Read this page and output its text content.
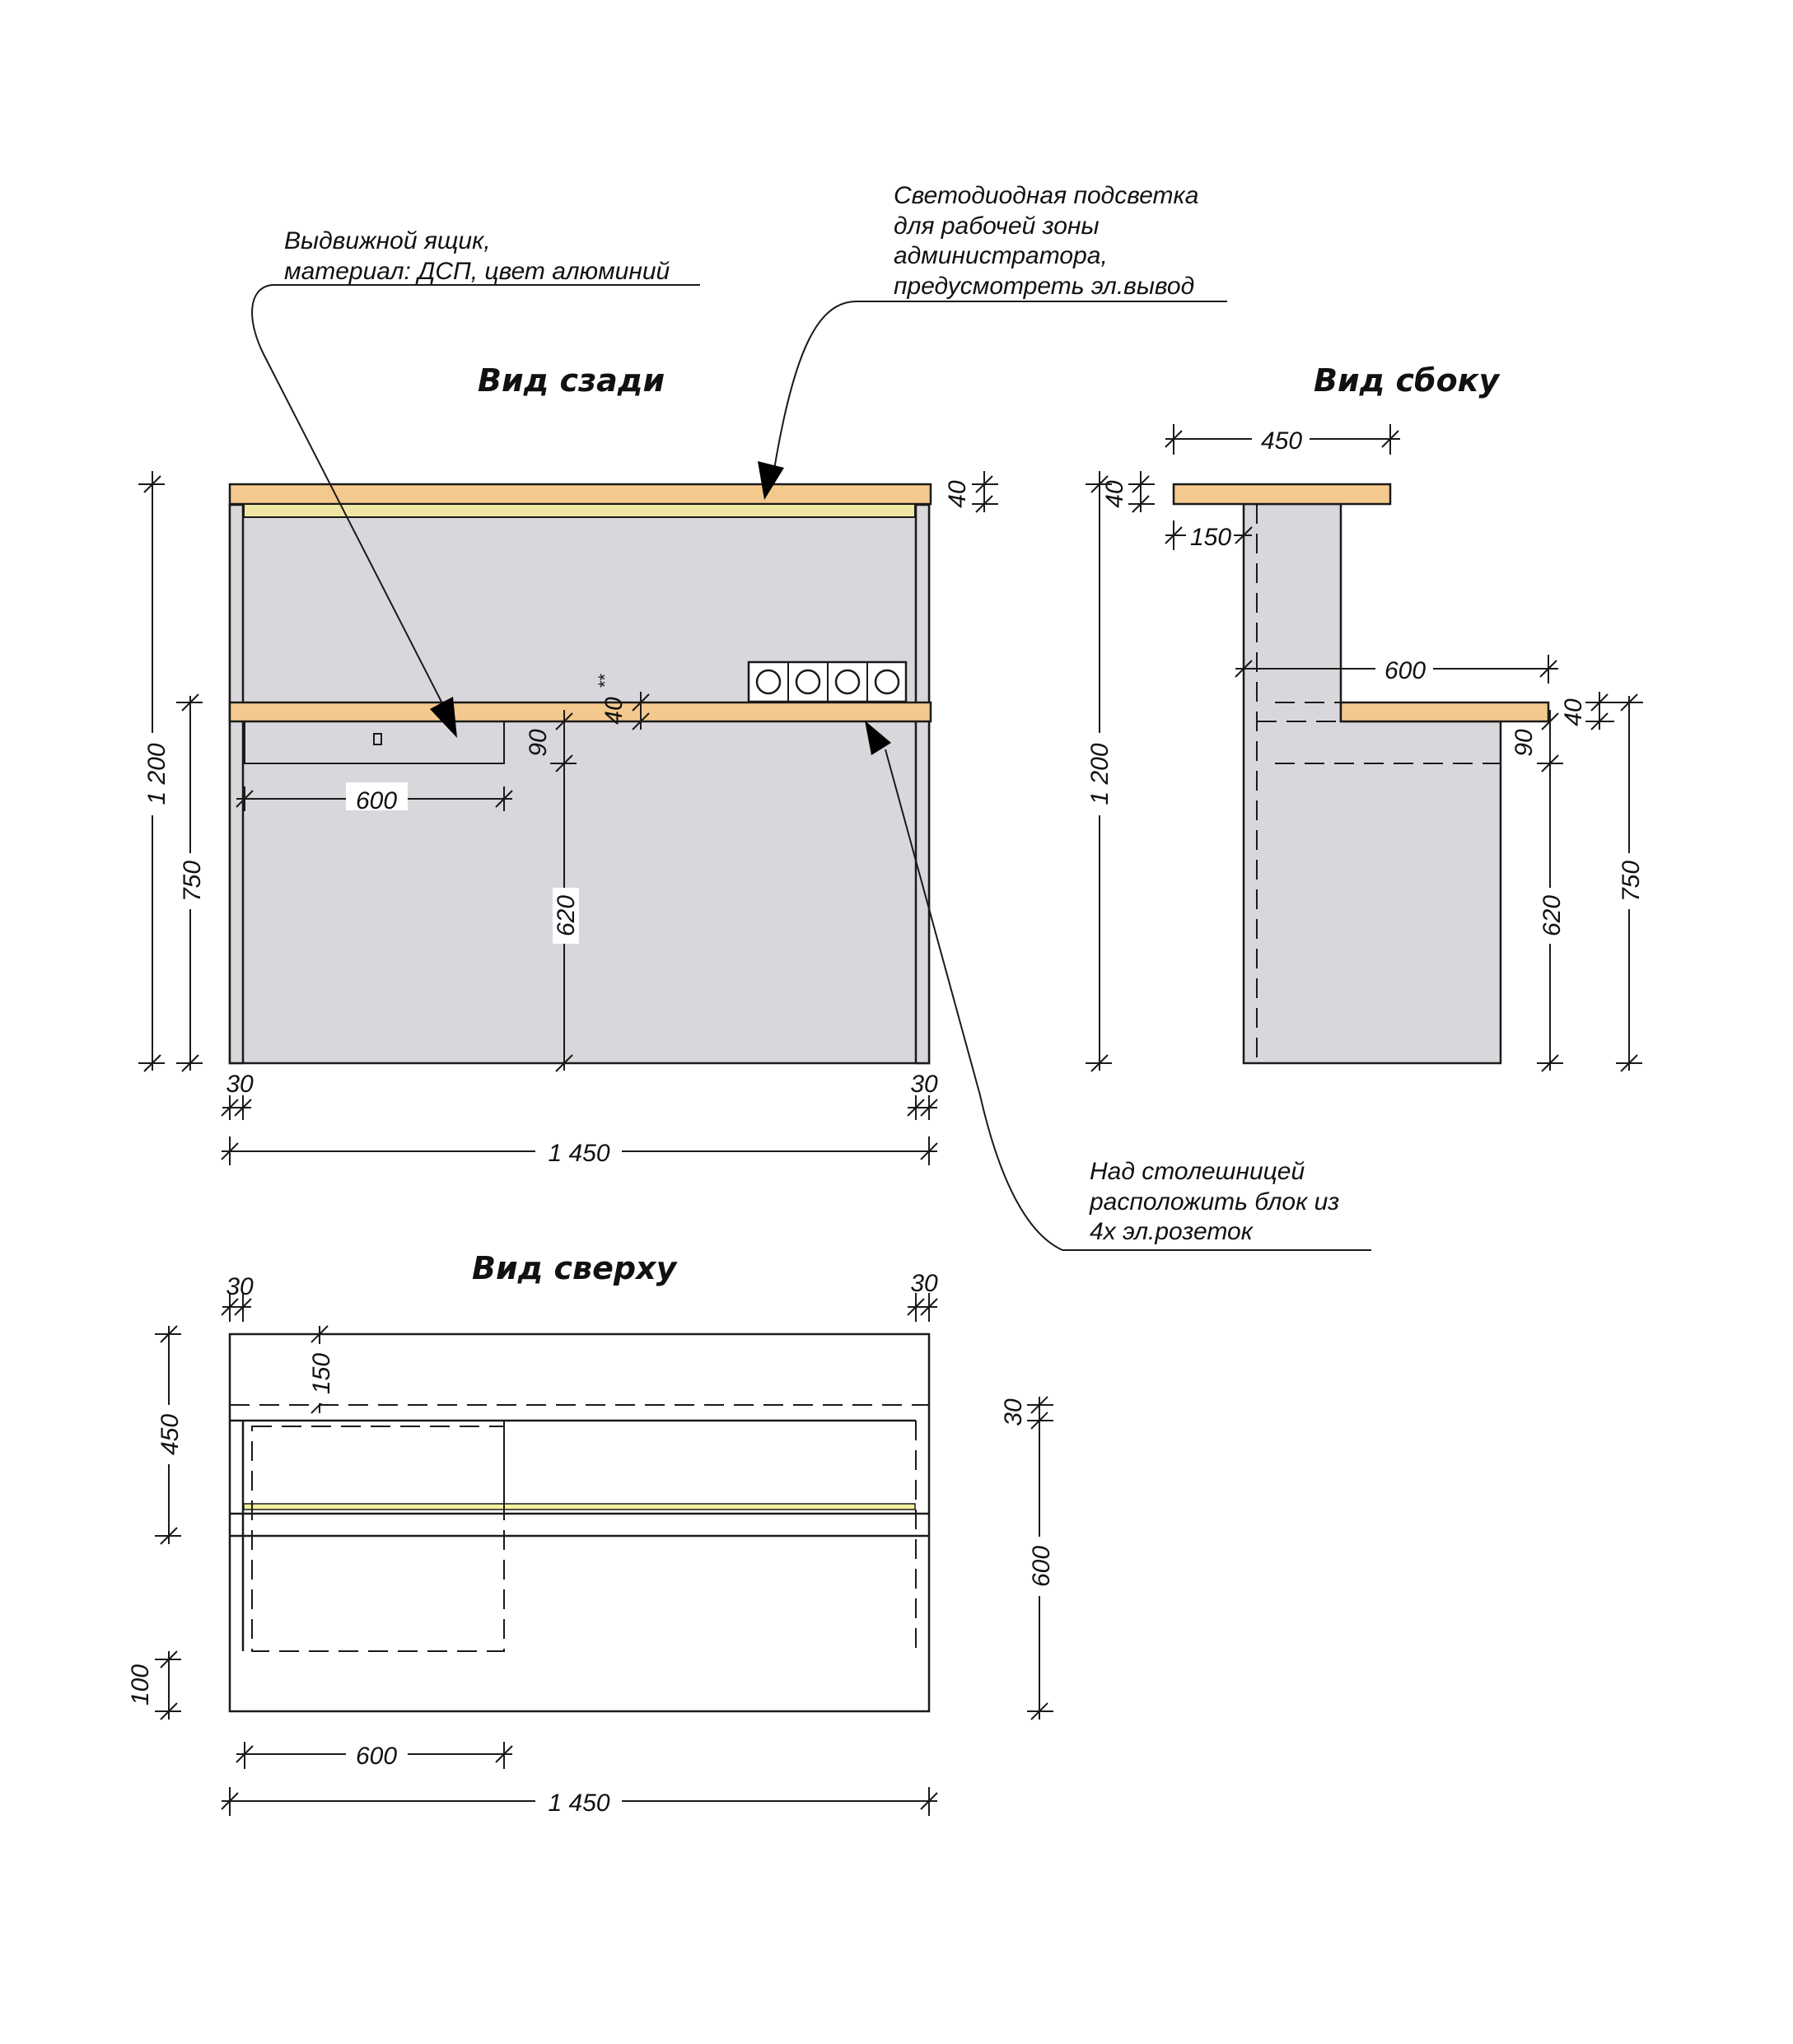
Вид сзади	Вид сбоку
Вид сверху
1 200
750
40
40
**
90
620
600
30	30
1 450
Выдвижной ящик,
материал: ДСП, цвет алюминий
Светодиодная подсветка
для рабочей зоны
администратора,
предусмотреть эл.вывод
Над столешницей
расположить блок из
4х эл.розеток
450
40
150
600
1 200
40
90
620
750
30	30
450
150
100
30
600
600
1 450
